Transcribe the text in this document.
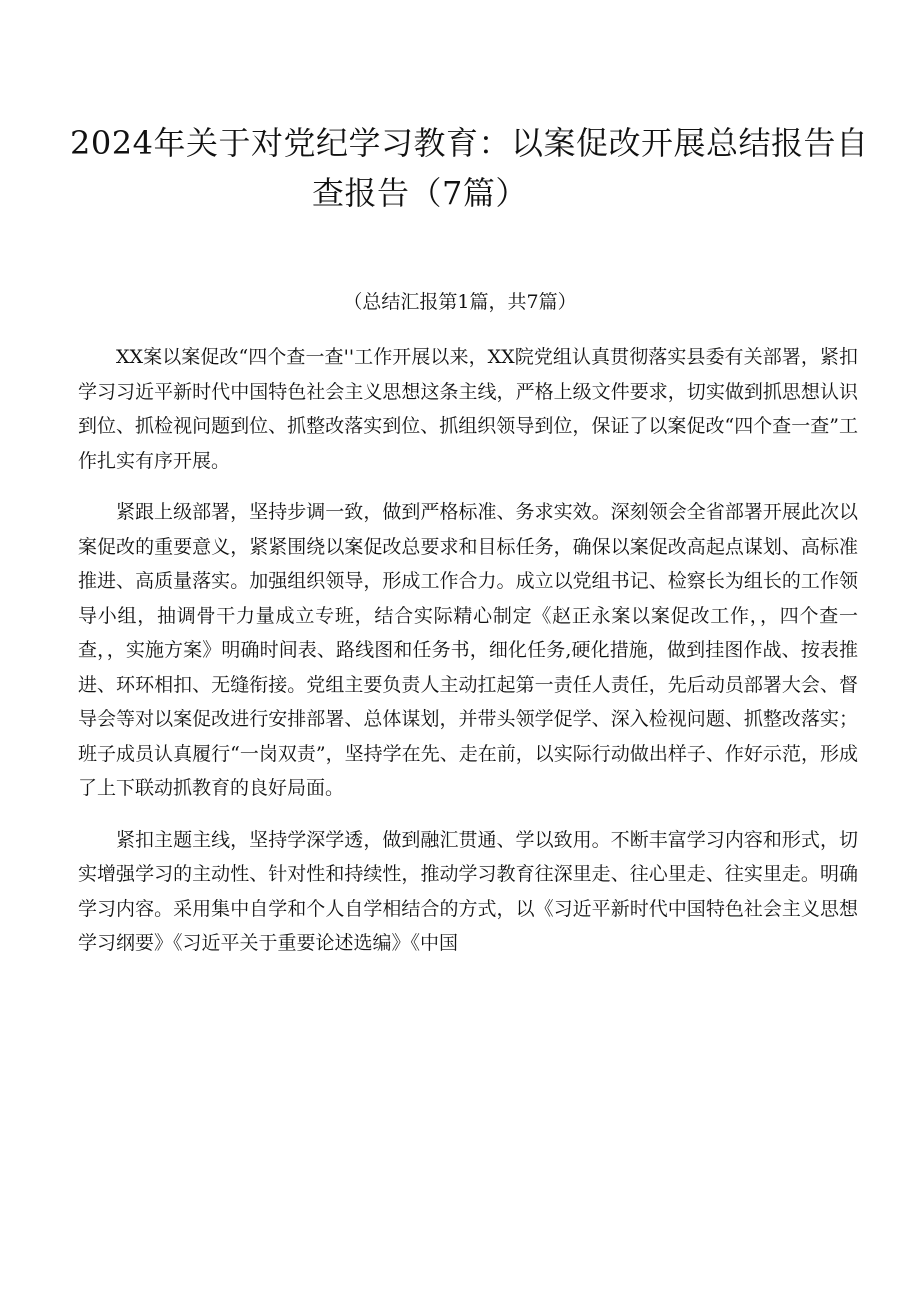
2024年关于对党纪学习教育：以案促改开展总结报告自
查报告（7篇）

（总结汇报第1篇，共7篇）

XX案以案促改“四个查一查''工作开展以来，XX院党组认真贯彻落实县委有关部署，紧扣学习习近平新时代中国特色社会主义思想这条主线，严格上级文件要求，切实做到抓思想认识到位、抓检视问题到位、抓整改落实到位、抓组织领导到位，保证了以案促改“四个查一查”工作扎实有序开展。

紧跟上级部署，坚持步调一致，做到严格标准、务求实效。深刻领会全省部署开展此次以案促改的重要意义，紧紧围绕以案促改总要求和目标任务，确保以案促改高起点谋划、高标准推进、高质量落实。加强组织领导，形成工作合力。成立以党组书记、检察长为组长的工作领导小组，抽调骨干力量成立专班，结合实际精心制定《赵正永案以案促改工作，，四个查一查，，实施方案》明确时间表、路线图和任务书，细化任务,硬化措施，做到挂图作战、按表推进、环环相扣、无缝衔接。党组主要负责人主动扛起第一责任人责任，先后动员部署大会、督导会等对以案促改进行安排部署、总体谋划，并带头领学促学、深入检视问题、抓整改落实；班子成员认真履行“一岗双责”，坚持学在先、走在前，以实际行动做出样子、作好示范，形成了上下联动抓教育的良好局面。

紧扣主题主线，坚持学深学透，做到融汇贯通、学以致用。不断丰富学习内容和形式，切实增强学习的主动性、针对性和持续性，推动学习教育往深里走、往心里走、往实里走。明确学习内容。采用集中自学和个人自学相结合的方式，以《习近平新时代中国特色社会主义思想学习纲要》《习近平关于重要论述选编》《中国
